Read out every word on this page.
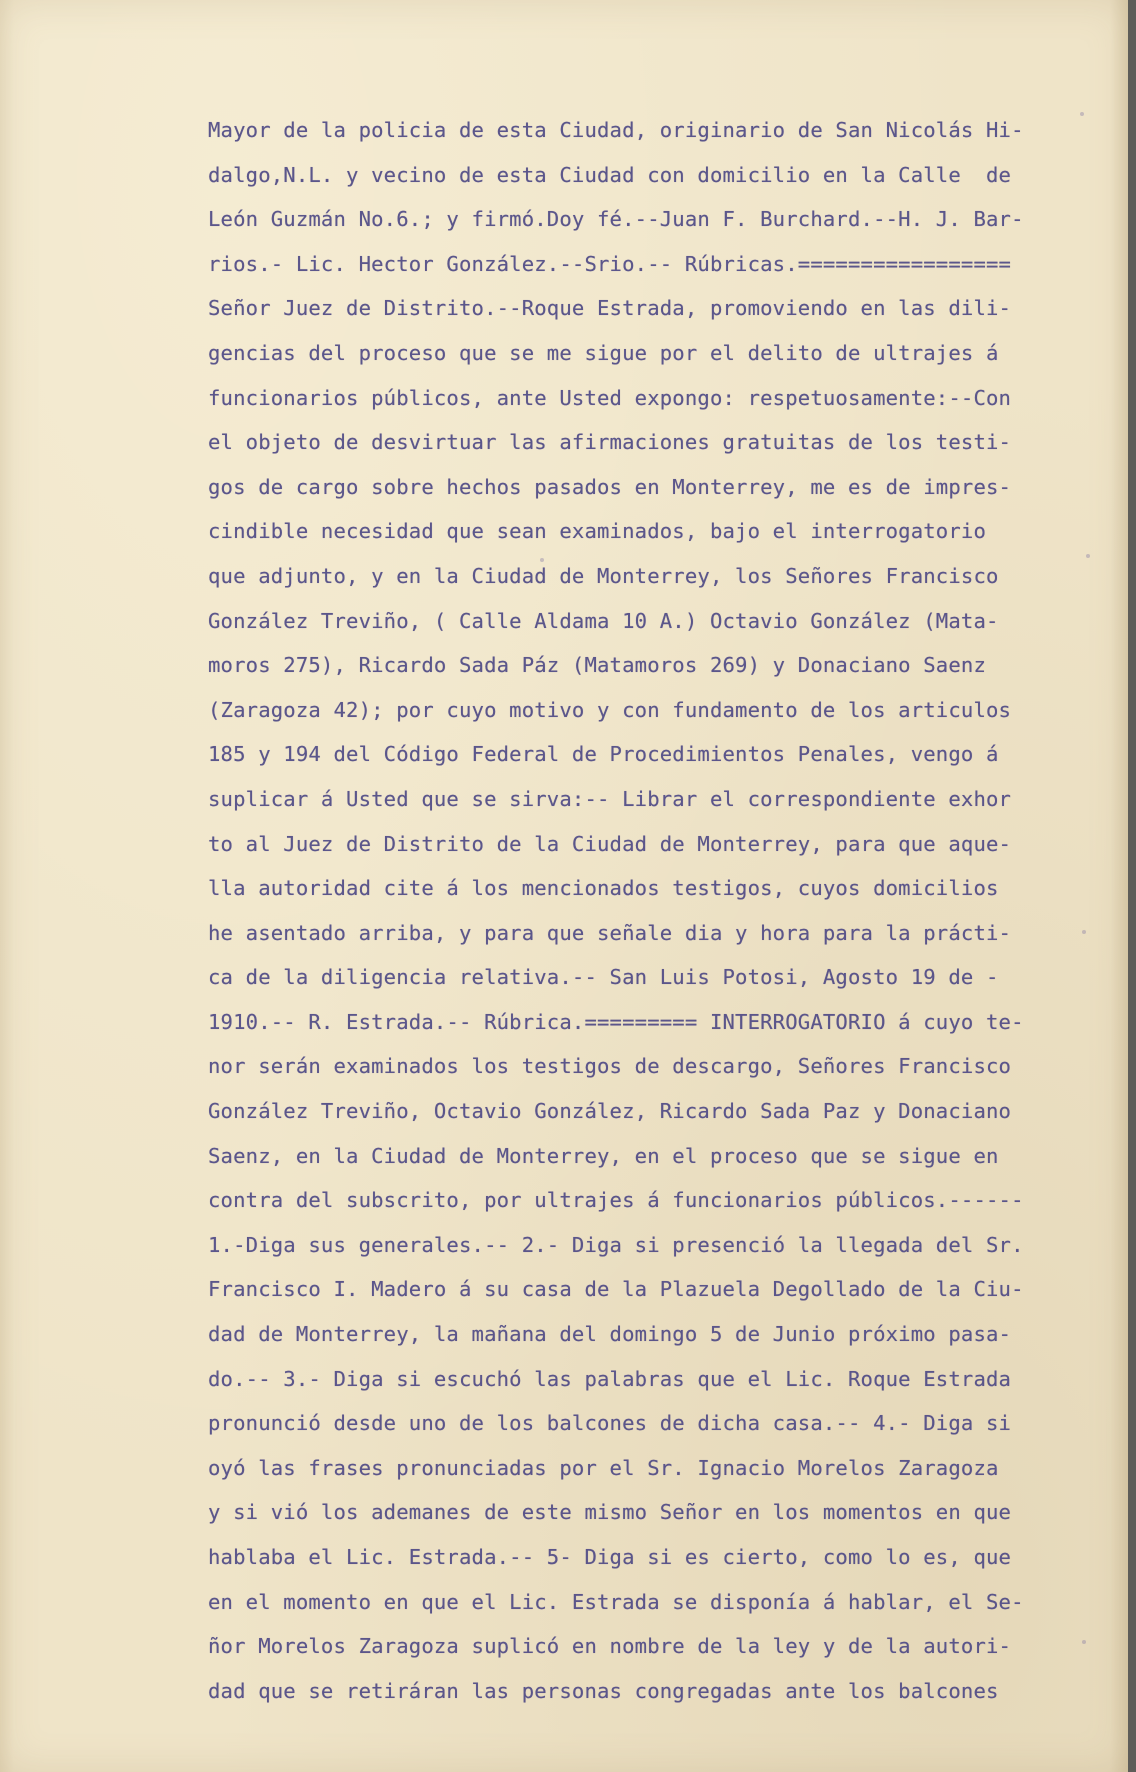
Mayor de la policia de esta Ciudad, originario de San Nicolás Hi-
dalgo,N.L. y vecino de esta Ciudad con domicilio en la Calle  de
León Guzmán No.6.; y firmó.Doy fé.--Juan F. Burchard.--H. J. Bar-
rios.- Lic. Hector González.--Srio.-- Rúbricas.=================
Señor Juez de Distrito.--Roque Estrada, promoviendo en las dili-
gencias del proceso que se me sigue por el delito de ultrajes á
funcionarios públicos, ante Usted expongo: respetuosamente:--Con
el objeto de desvirtuar las afirmaciones gratuitas de los testi-
gos de cargo sobre hechos pasados en Monterrey, me es de impres-
cindible necesidad que sean examinados, bajo el interrogatorio
que adjunto, y en la Ciudad de Monterrey, los Señores Francisco
González Treviño, ( Calle Aldama 10 A.) Octavio González (Mata-
moros 275), Ricardo Sada Páz (Matamoros 269) y Donaciano Saenz
(Zaragoza 42); por cuyo motivo y con fundamento de los articulos
185 y 194 del Código Federal de Procedimientos Penales, vengo á
suplicar á Usted que se sirva:-- Librar el correspondiente exhor
to al Juez de Distrito de la Ciudad de Monterrey, para que aque-
lla autoridad cite á los mencionados testigos, cuyos domicilios
he asentado arriba, y para que señale dia y hora para la prácti-
ca de la diligencia relativa.-- San Luis Potosi, Agosto 19 de -
1910.-- R. Estrada.-- Rúbrica.========= INTERROGATORIO á cuyo te-
nor serán examinados los testigos de descargo, Señores Francisco
González Treviño, Octavio González, Ricardo Sada Paz y Donaciano
Saenz, en la Ciudad de Monterrey, en el proceso que se sigue en
contra del subscrito, por ultrajes á funcionarios públicos.------
1.-Diga sus generales.-- 2.- Diga si presenció la llegada del Sr.
Francisco I. Madero á su casa de la Plazuela Degollado de la Ciu-
dad de Monterrey, la mañana del domingo 5 de Junio próximo pasa-
do.-- 3.- Diga si escuchó las palabras que el Lic. Roque Estrada
pronunció desde uno de los balcones de dicha casa.-- 4.- Diga si
oyó las frases pronunciadas por el Sr. Ignacio Morelos Zaragoza
y si vió los ademanes de este mismo Señor en los momentos en que
hablaba el Lic. Estrada.-- 5- Diga si es cierto, como lo es, que
en el momento en que el Lic. Estrada se disponía á hablar, el Se-
ñor Morelos Zaragoza suplicó en nombre de la ley y de la autori-
dad que se retiráran las personas congregadas ante los balcones
